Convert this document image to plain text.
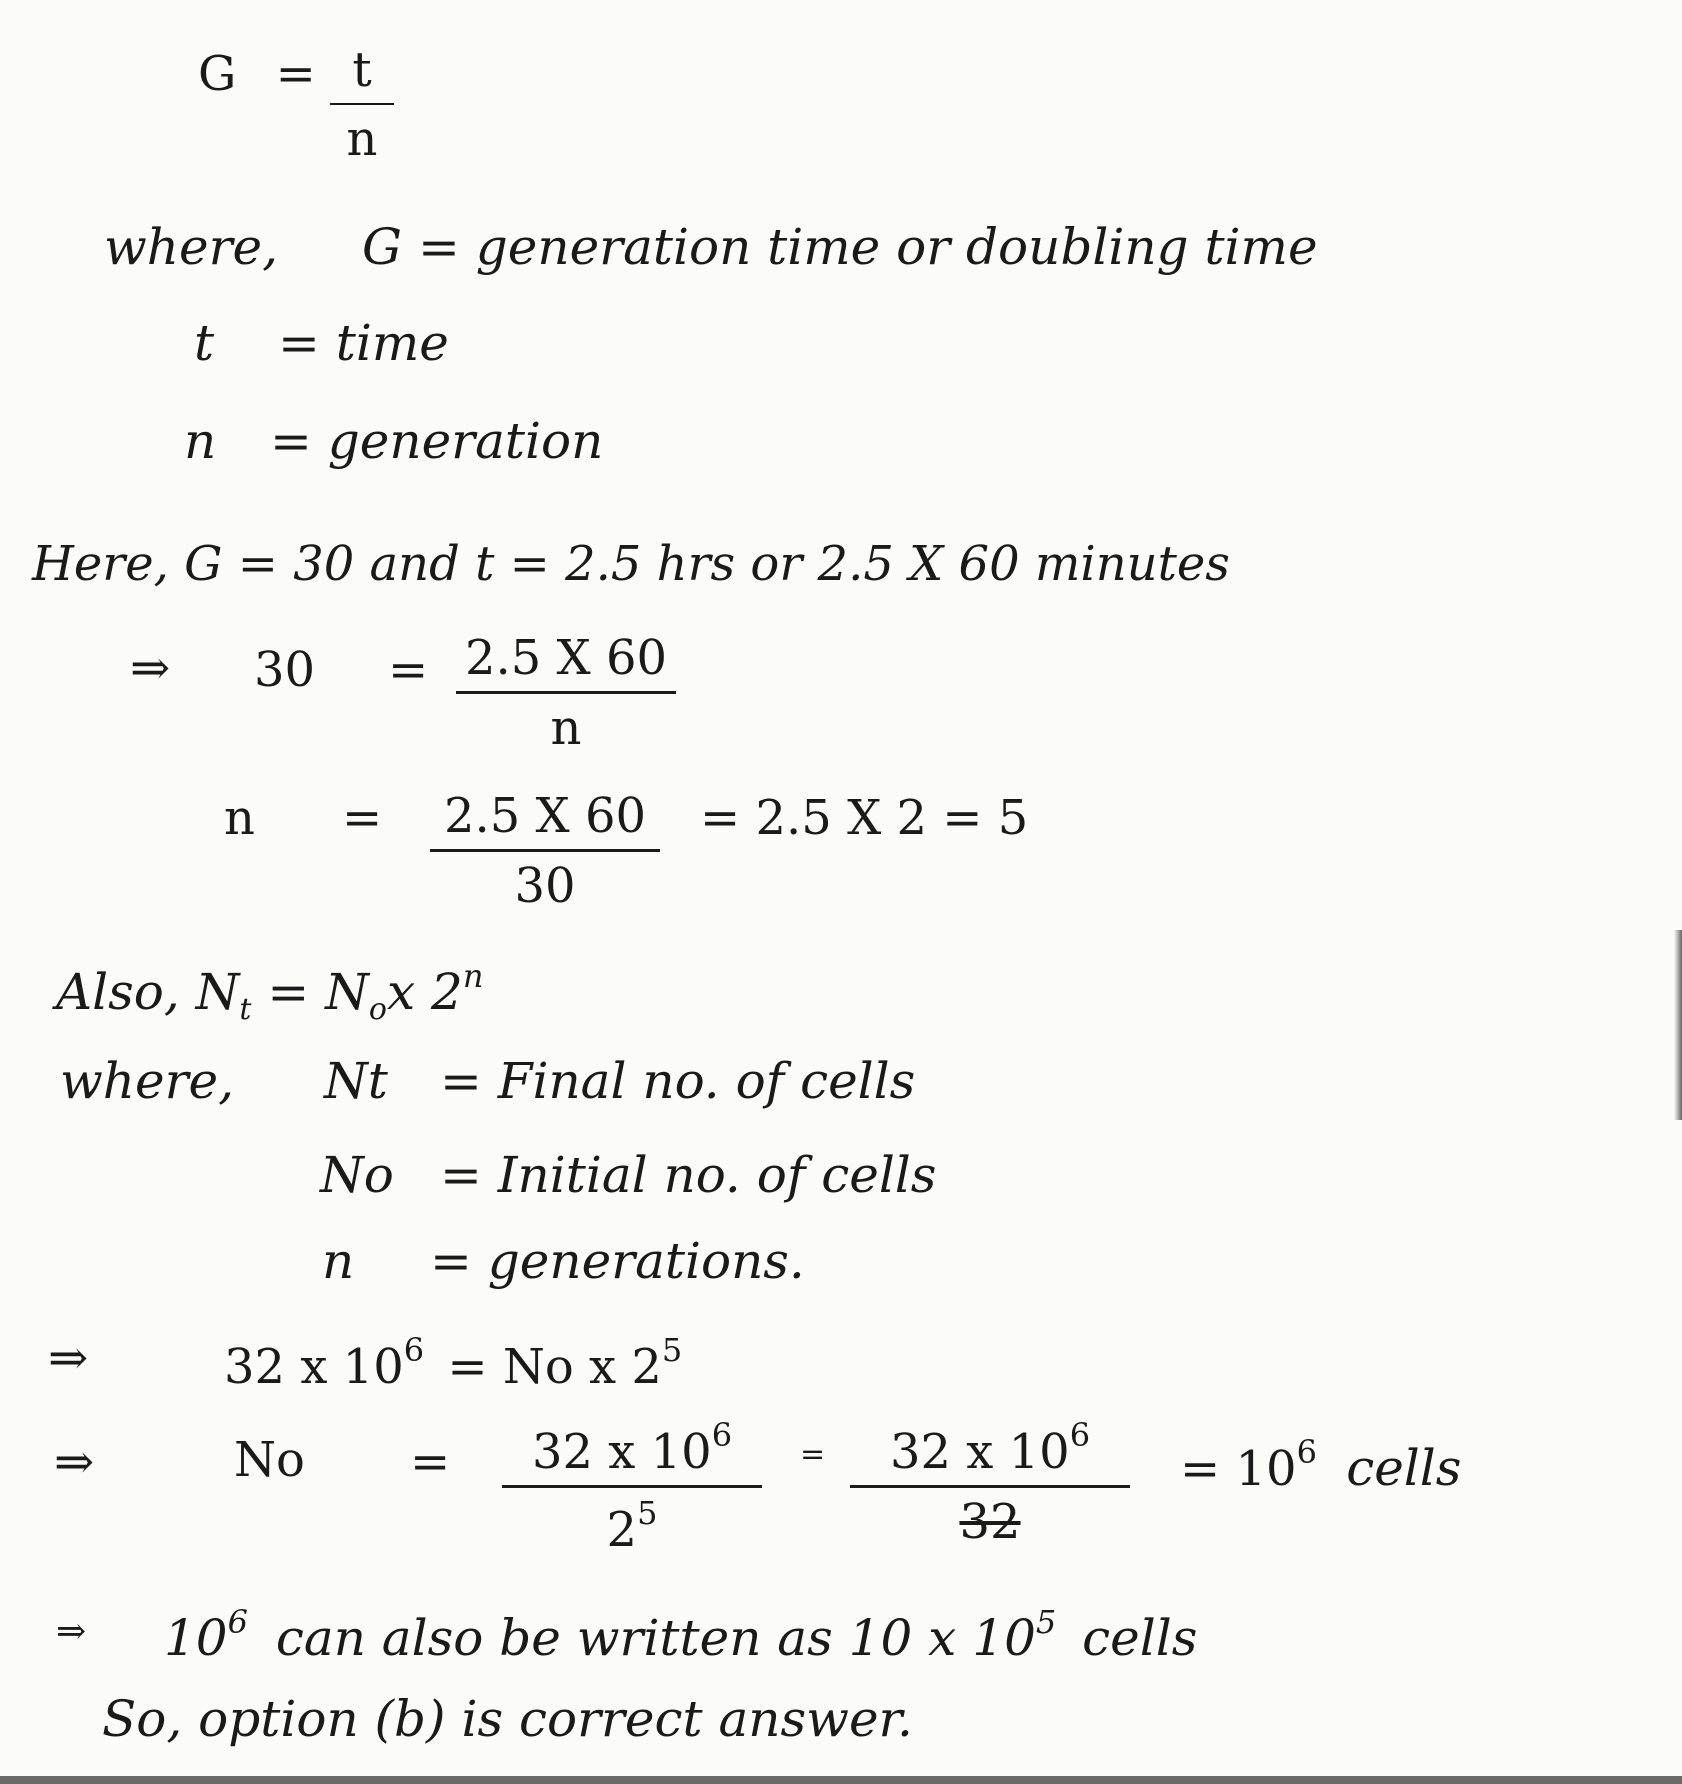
$G = \frac{t}{n}$
where, G = generation time or doubling time
t = time
n = generation
Here, G = 30 and t = 2.5 hrs or 2.5 X 60 minutes
⇒ $30 = \frac{2.5 X 60}{n}$
$n = \frac{2.5 X 60}{30} = 2.5$ X 2 = 5
Also, $N_t = N_ox$ 2$^n$
where, Nt = Final no. of cells
No = Initial no. of cells
n = generations.
⇒	32 x $10^6 = No$ x $2^5$
⇒	$No = \frac{32 x 10^6}{2^5} = \frac{32 x 10^6}{32} = 10^6$ cells
⇒ $10^6$ can also be written as 10 x $10^5$ cells
So, option (b) is correct answer.
